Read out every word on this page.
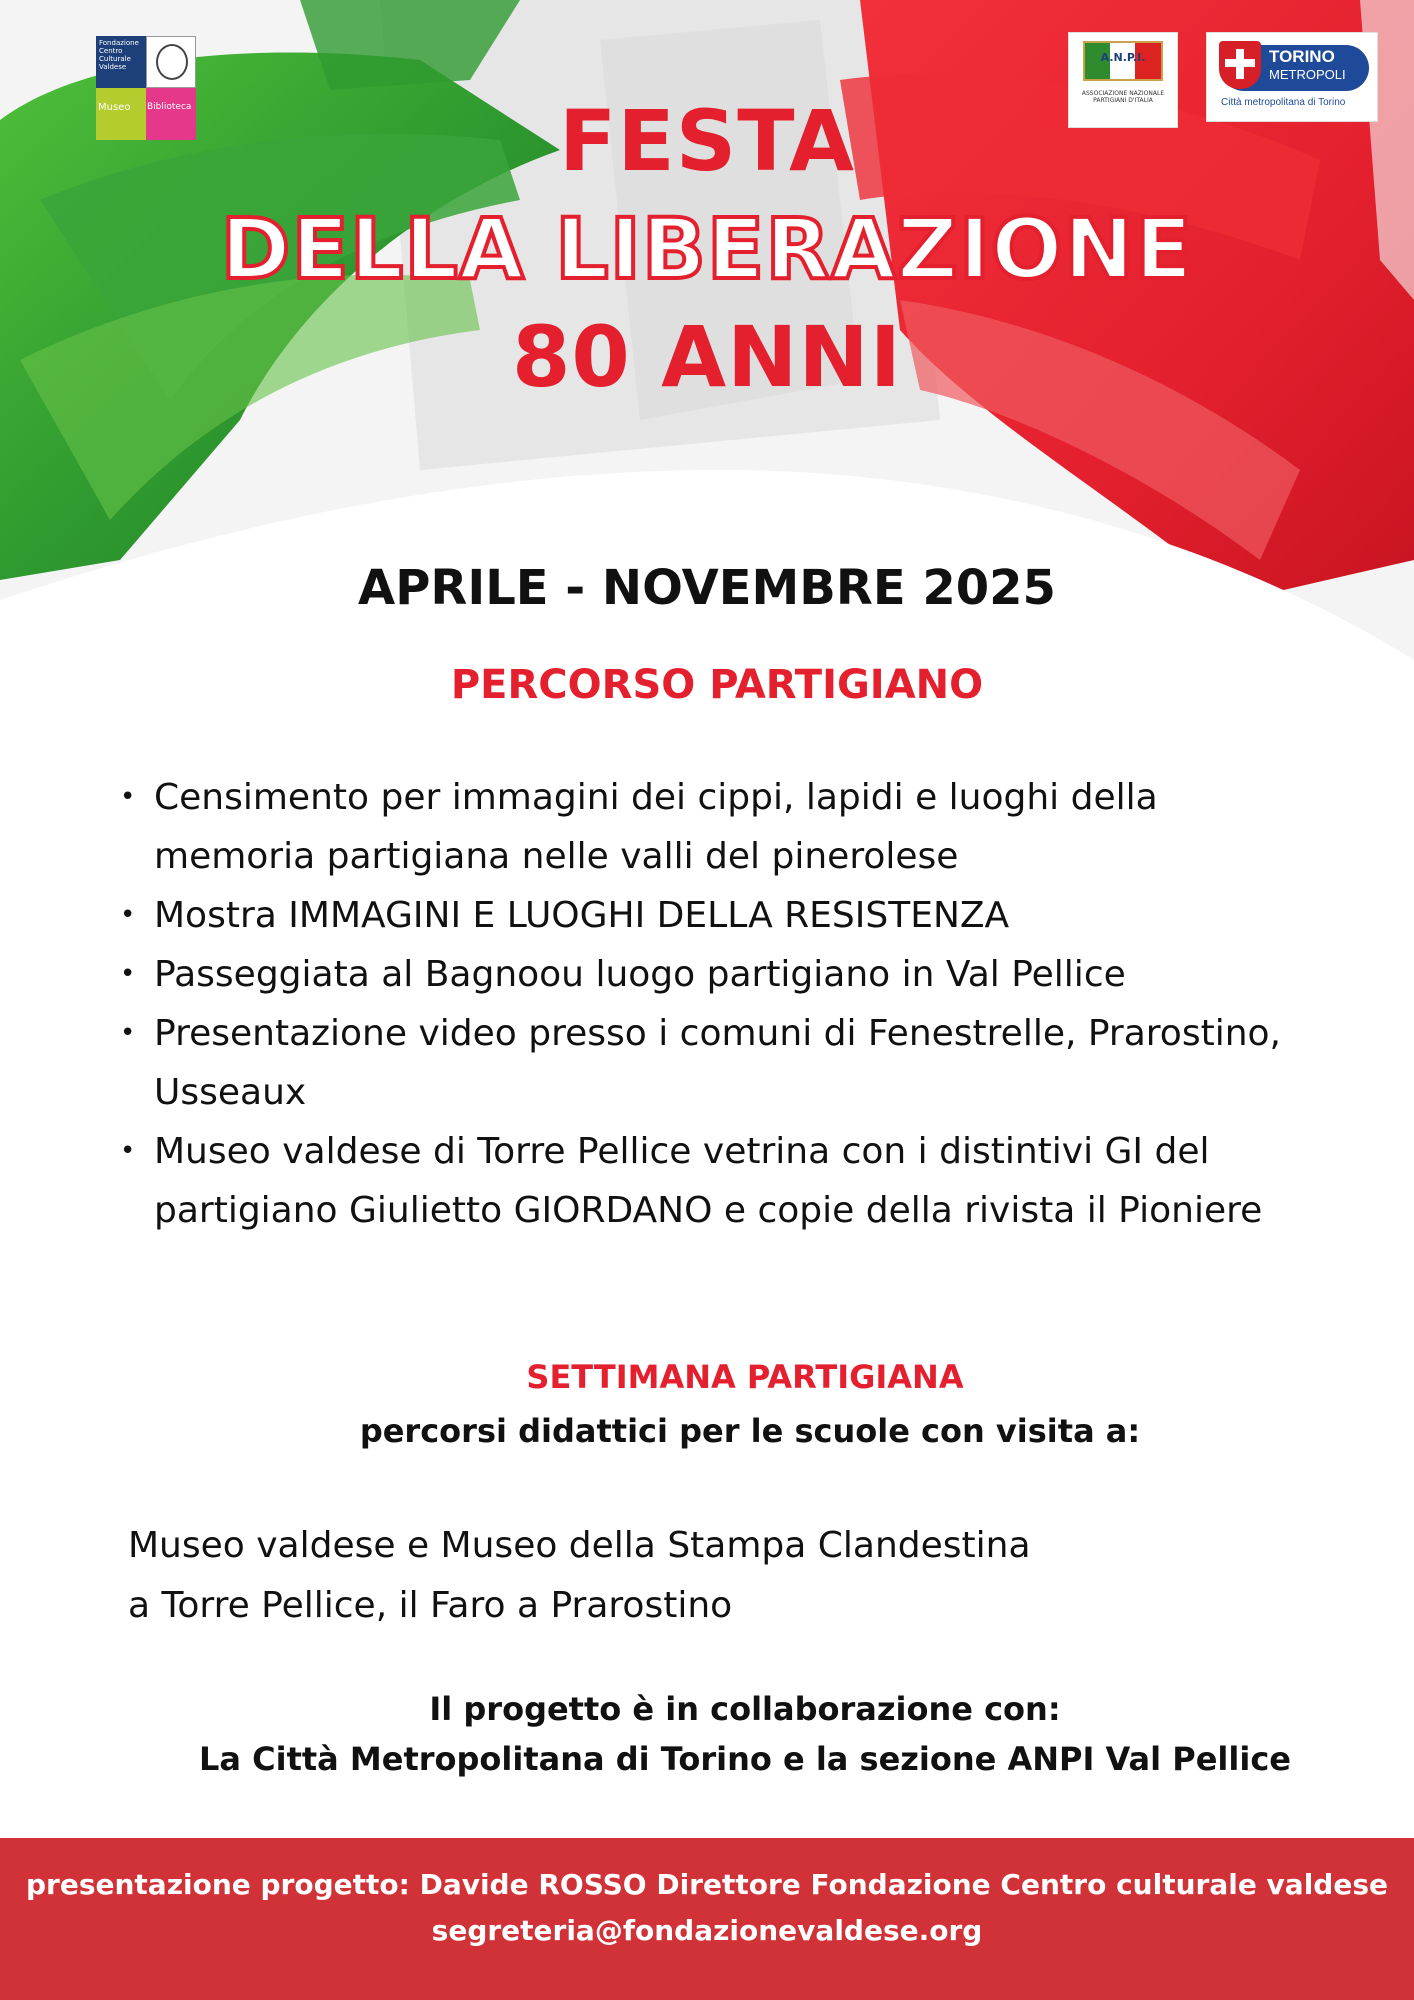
Fondazione Centro Culturale Valdese
Museo	Biblioteca
A.N.P.I.
ASSOCIAZIONE NAZIONALE PARTIGIANI D'ITALIA
TORINO
METROPOLI
Città metropolitana di Torino
FESTA
DELLA LIBERAZIONE
80 ANNI
APRILE - NOVEMBRE 2025
PERCORSO PARTIGIANO
• Censimento per immagini dei cippi, lapidi e luoghi della memoria partigiana nelle valli del pinerolese
• Mostra IMMAGINI E LUOGHI DELLA RESISTENZA
• Passeggiata al Bagnoou luogo partigiano in Val Pellice
• Presentazione video presso i comuni di Fenestrelle, Prarostino, Usseaux
• Museo valdese di Torre Pellice vetrina con i distintivi GI del partigiano Giulietto GIORDANO e copie della rivista il Pioniere
SETTIMANA PARTIGIANA
percorsi didattici per le scuole con visita a:
Museo valdese e Museo della Stampa Clandestina
a Torre Pellice, il Faro a Prarostino
Il progetto è in collaborazione con:
La Città Metropolitana di Torino e la sezione ANPI Val Pellice
presentazione progetto: Davide ROSSO Direttore Fondazione Centro culturale valdese
segreteria@fondazionevaldese.org
